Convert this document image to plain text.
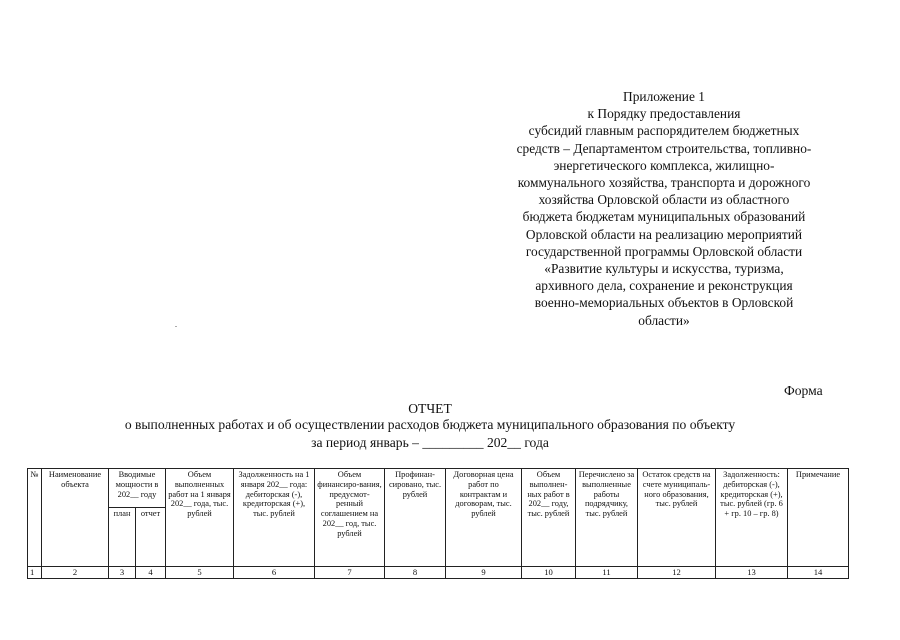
Приложение 1
к Порядку предоставления
субсидий главным распорядителем бюджетных
средств – Департаментом строительства, топливно-
энергетического комплекса, жилищно-
коммунального хозяйства, транспорта и дорожного
хозяйства Орловской области из областного
бюджета бюджетам муниципальных образований
Орловской области на реализацию мероприятий
государственной программы Орловской области
«Развитие культуры и искусства, туризма,
архивного дела, сохранение и реконструкция
военно-мемориальных объектов в Орловской
области»
Форма
ОТЧЕТ
о выполненных работах и об осуществлении расходов бюджета муниципального образования по объекту
за период январь – _________ 202__ года
№	Наименование объекта	Вводимые мощности в 202__ году		Объем выполненных работ на 1 января 202__ года, тыс. рублей	Задолженность на 1 января 202__ года: дебиторская (-), кредиторская (+), тыс. рублей	Объем финансиро-вания, предусмот-ренный соглашением на 202__ год, тыс. рублей	Профинан-сировано, тыс. рублей	Договорная цена работ по контрактам и договорам, тыс. рублей	Объем выполнен-ных работ в 202__ году, тыс. рублей	Перечислено за выполненные работы подрядчику, тыс. рублей	Остаток средств на счете муниципаль-ного образования, тыс. рублей	Задолженность: дебиторская (-), кредиторская (+), тыс. рублей (гр. 6 + гр. 10 – гр. 8)	Примечание
		план	отчет										
1	2	3	4	5	6	7	8	9	10	11	12	13	14
